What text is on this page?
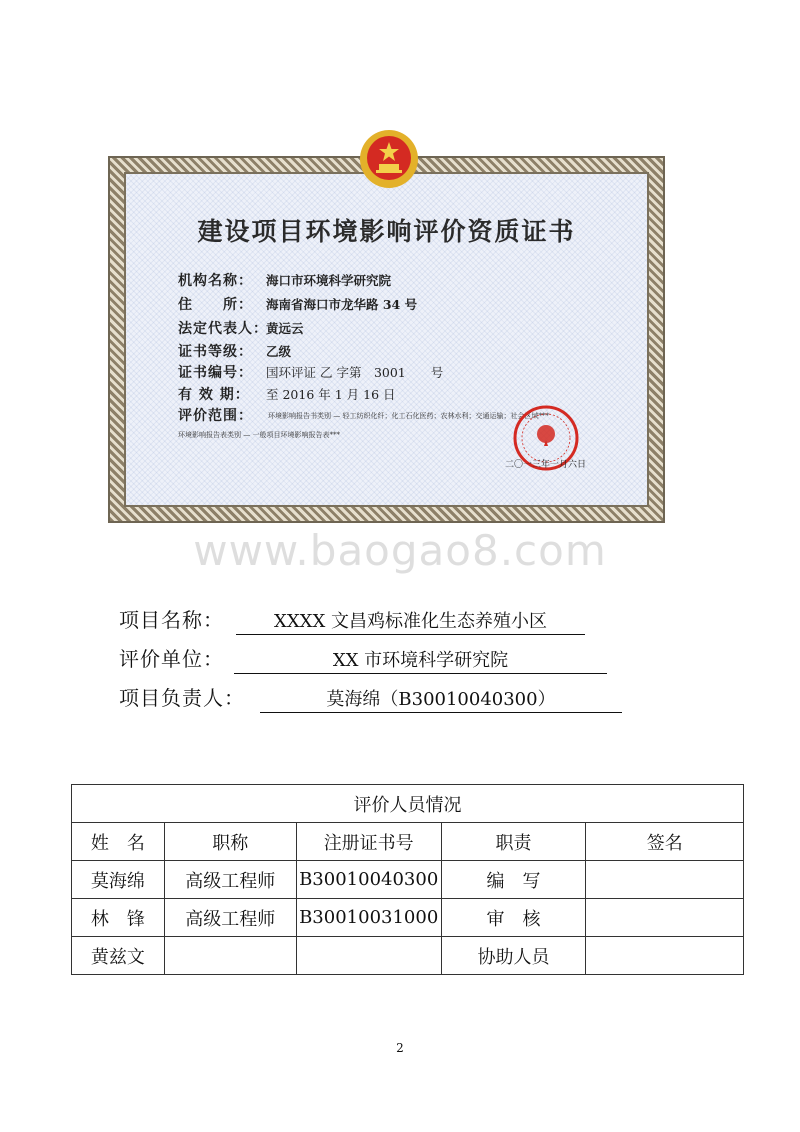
建设项目环境影响评价资质证书
机构名称：	海口市环境科学研究院
住　　所：	海南省海口市龙华路 34 号
法定代表人：
黄远云
证书等级：	乙级
证书编号：	国环评证 乙 字第　3001　　号
有 效 期：	至 2016 年 1 月 16 日
评价范围：	环境影响报告书类别 — 轻工纺织化纤；化工石化医药；农林水利；交通运输；社会区域***
环境影响报告表类别 — 一般项目环境影响报告表***
二〇一三年一月六日
www.baogao8.com
项目名称：	XXXX 文昌鸡标准化生态养殖小区
评价单位：	XX 市环境科学研究院
项目负责人：	莫海绵（B30010040300）
评价人员情况				
姓　名	职称	注册证书号	职责	签名
莫海绵	高级工程师	B30010040300	编　写	
林　锋	高级工程师	B30010031000	审　核	
黄兹文			协助人员	
2
